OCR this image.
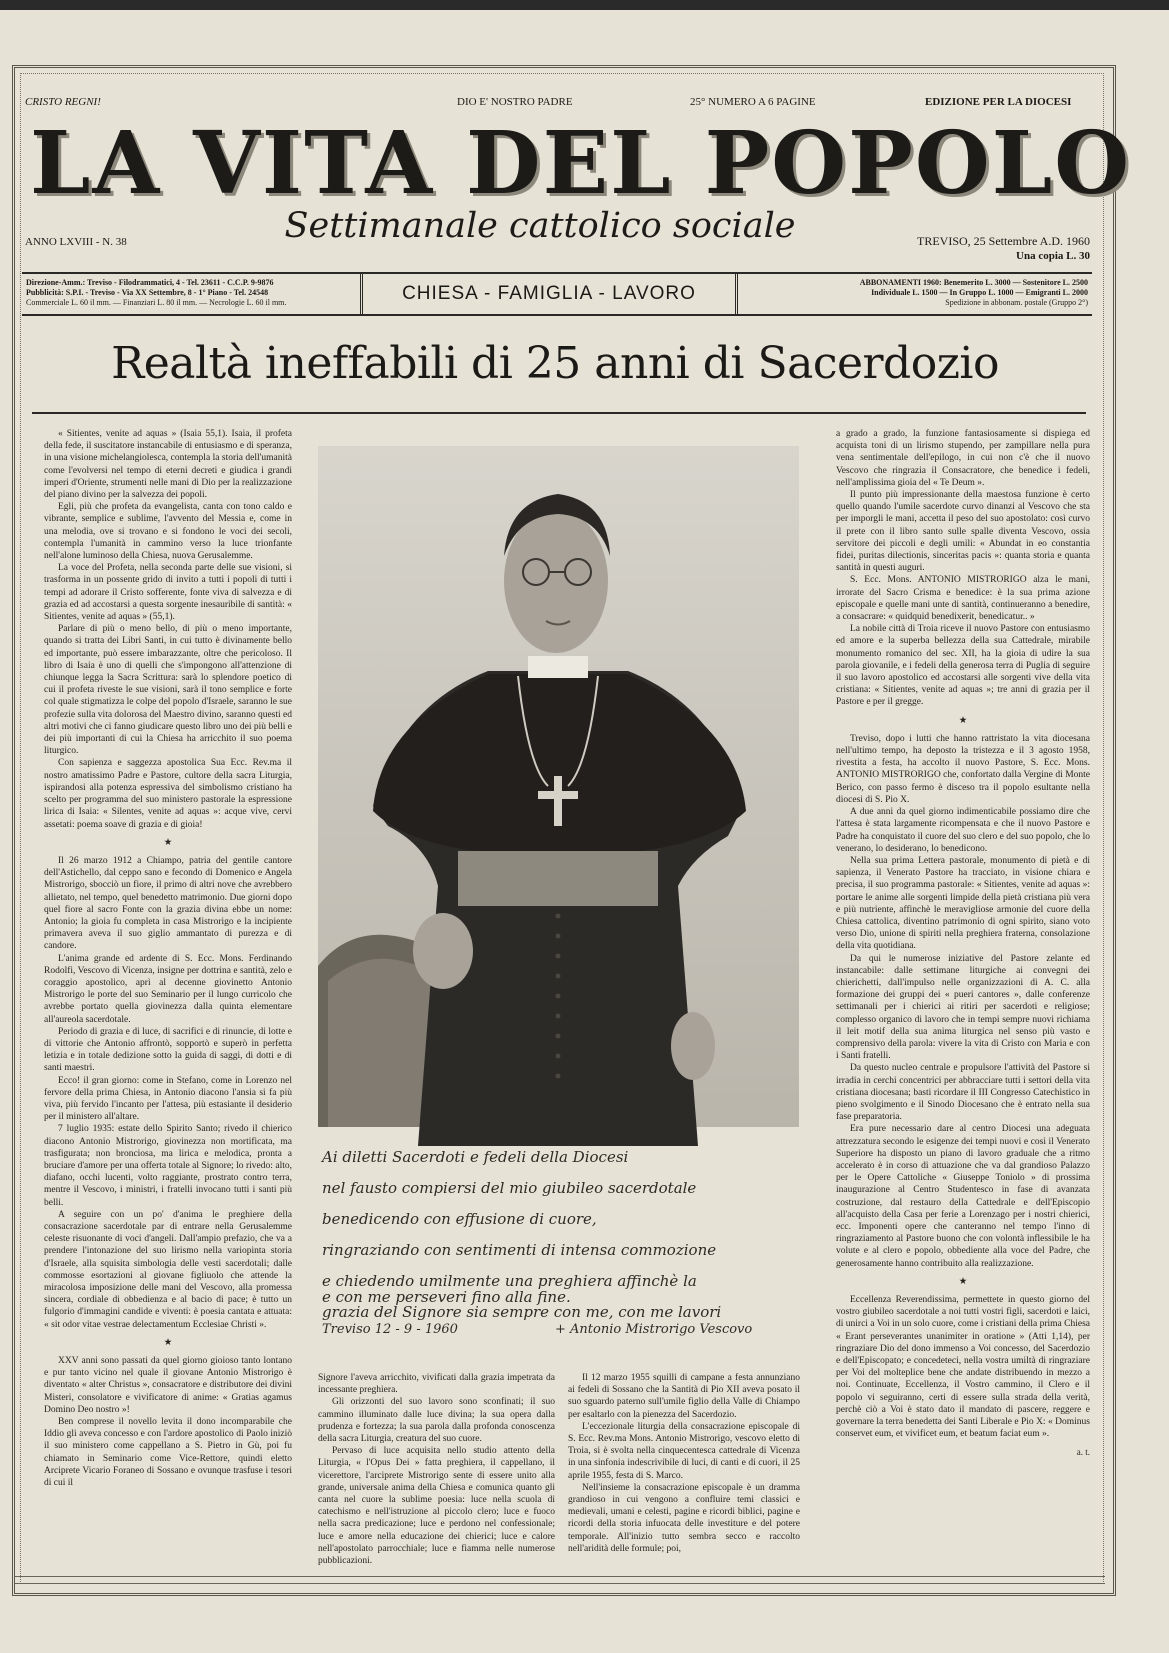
CRISTO REGNI!	DIO E' NOSTRO PADRE	25° NUMERO A 6 PAGINE	EDIZIONE PER LA DIOCESI
LA VITA DEL POPOLO
Settimanale cattolico sociale
ANNO LXVIII - N. 38	TREVISO, 25 Settembre A.D. 1960
Una copia L. 30
Direzione-Amm.: Treviso - Filodrammatici, 4 - Tel. 23611 - C.C.P. 9-9876
Pubblicità: S.P.I. - Treviso - Via XX Settembre, 8 - 1° Piano - Tel. 24548
Commerciale L. 60 il mm. — Finanziari L. 80 il mm. — Necrologie L. 60 il mm.	CHIESA - FAMIGLIA - LAVORO
ABBONAMENTI 1960: Benemerito L. 3000 — Sostenitore L. 2500
Individuale L. 1500 — In Gruppo L. 1000 — Emigranti L. 2000
Spedizione in abbonam. postale (Gruppo 2°)
Realtà ineffabili di 25 anni di Sacerdozio

« Sitientes, venite ad aquas » (Isaia 55,1). Isaia, il profeta della fede, il suscitatore instancabile di entusiasmo e di speranza, in una visione michelangiolesca, contempla la storia dell'umanità come l'evolversi nel tempo di eterni decreti e giudica i grandi imperi d'Oriente, strumenti nelle mani di Dio per la realizzazione del piano divino per la salvezza dei popoli.

Egli, più che profeta da evangelista, canta con tono caldo e vibrante, semplice e sublime, l'avvento del Messia e, come in una melodia, ove si trovano e si fondono le voci dei secoli, contempla l'umanità in cammino verso la luce trionfante nell'alone luminoso della Chiesa, nuova Gerusalemme.

La voce del Profeta, nella seconda parte delle sue visioni, si trasforma in un possente grido di invito a tutti i popoli di tutti i tempi ad adorare il Cristo sofferente, fonte viva di salvezza e di grazia ed ad accostarsi a questa sorgente inesauribile di santità: « Sitientes, venite ad aquas » (55,1).

Parlare di più o meno bello, di più o meno importante, quando si tratta dei Libri Santi, in cui tutto è divinamente bello ed importante, può essere imbarazzante, oltre che pericoloso. Il libro di Isaia è uno di quelli che s'impongono all'attenzione di chiunque legga la Sacra Scrittura: sarà lo splendore poetico di cui il profeta riveste le sue visioni, sarà il tono semplice e forte col quale stigmatizza le colpe del popolo d'Israele, saranno le sue profezie sulla vita dolorosa del Maestro divino, saranno questi ed altri motivi che ci fanno giudicare questo libro uno dei più belli e dei più importanti di cui la Chiesa ha arricchito il suo poema liturgico.

Con sapienza e saggezza apostolica Sua Ecc. Rev.ma il nostro amatissimo Padre e Pastore, cultore della sacra Liturgia, ispirandosi alla potenza espressiva del simbolismo cristiano ha scelto per programma del suo ministero pastorale la espressione lirica di Isaia: « Silentes, venite ad aquas »: acque vive, cervi assetati: poema soave di grazia e di gioia!

★

Il 26 marzo 1912 a Chiampo, patria del gentile cantore dell'Astichello, dal ceppo sano e fecondo di Domenico e Angela Mistrorigo, sbocciò un fiore, il primo di altri nove che avrebbero allietato, nel tempo, quel benedetto matrimonio. Due giorni dopo quel fiore al sacro Fonte con la grazia divina ebbe un nome: Antonio; la gioia fu completa in casa Mistrorigo e la incipiente primavera aveva il suo giglio ammantato di purezza e di candore.

L'anima grande ed ardente di S. Ecc. Mons. Ferdinando Rodolfi, Vescovo di Vicenza, insigne per dottrina e santità, zelo e coraggio apostolico, aprì al decenne giovinetto Antonio Mistrorigo le porte del suo Seminario per il lungo curricolo che avrebbe portato quella giovinezza dalla quinta elementare all'aureola sacerdotale.

Periodo di grazia e di luce, di sacrifici e di rinuncie, di lotte e di vittorie che Antonio affrontò, sopportò e superò in perfetta letizia e in totale dedizione sotto la guida di saggi, di dotti e di santi maestri.

Ecco! il gran giorno: come in Stefano, come in Lorenzo nel fervore della prima Chiesa, in Antonio diacono l'ansia si fa più viva, più fervido l'incanto per l'attesa, più estasiante il desiderio per il ministero all'altare.

7 luglio 1935: estate dello Spirito Santo; rivedo il chierico diacono Antonio Mistrorigo, giovinezza non mortificata, ma trasfigurata; non bronciosa, ma lirica e melodica, pronta a bruciare d'amore per una offerta totale al Signore; lo rivedo: alto, diafano, occhi lucenti, volto raggiante, prostrato contro terra, mentre il Vescovo, i ministri, i fratelli invocano tutti i santi più belli.

A seguire con un po' d'anima le preghiere della consacrazione sacerdotale par di entrare nella Gerusalemme celeste risuonante di voci d'angeli. Dall'ampio prefazio, che va a prendere l'intonazione del suo lirismo nella variopinta storia d'Israele, alla squisita simbologia delle vesti sacerdotali; dalle commosse esortazioni al giovane figliuolo che attende la miracolosa imposizione delle mani del Vescovo, alla promessa sincera, cordiale di obbedienza e al bacio di pace; è tutto un fulgorio d'immagini candide e viventi: è poesia cantata e attuata: « sit odor vitae vestrae delectamentum Ecclesiae Christi ».

★

XXV anni sono passati da quel giorno gioioso tanto lontano e pur tanto vicino nel quale il giovane Antonio Mistrorigo è diventato « alter Christus », consacratore e distributore dei divini Misteri, consolatore e vivificatore di anime: « Gratias agamus Domino Deo nostro »!

Ben comprese il novello levita il dono incomparabile che Iddio gli aveva concesso e con l'ardore apostolico di Paolo iniziò il suo ministero come cappellano a S. Pietro in Gù, poi fu chiamato in Seminario come Vice-Rettore, quindi eletto Arciprete Vicario Foraneo di Sossano e ovunque trasfuse i tesori di cui il

Ai diletti Sacerdoti e fedeli della Diocesi
nel fausto compiersi del mio giubileo sacerdotale
benedicendo con effusione di cuore,
ringraziando con sentimenti di intensa commozione
e chiedendo umilmente una preghiera affinchè la
grazia del Signore sia sempre con me, con me lavori
Treviso 12 - 9 - 1960	+ Antonio Mistrorigo Vescovo
e con me perseveri fino alla fine.

Signore l'aveva arricchito, vivificati dalla grazia impetrata da incessante preghiera.

Gli orizzonti del suo lavoro sono sconfinati; il suo cammino illuminato dalle luce divina; la sua opera dalla prudenza e fortezza; la sua parola dalla profonda conoscenza della sacra Liturgia, creatura del suo cuore.

Pervaso di luce acquisita nello studio attento della Liturgia, « l'Opus Dei » fatta preghiera, il cappellano, il vicerettore, l'arciprete Mistrorigo sente di essere unito alla grande, universale anima della Chiesa e comunica quanto gli canta nel cuore la sublime poesia: luce nella scuola di catechismo e nell'istruzione al piccolo clero; luce e fuoco nella sacra predicazione; luce e perdono nel confessionale; luce e amore nella educazione dei chierici; luce e calore nell'apostolato parrocchiale; luce e fiamma nelle numerose pubblicazioni.

Il 12 marzo 1955 squilli di campane a festa annunziano ai fedeli di Sossano che la Santità di Pio XII aveva posato il suo sguardo paterno sull'umile figlio della Valle di Chiampo per esaltarlo con la pienezza del Sacerdozio.

L'eccezionale liturgia della consacrazione episcopale di S. Ecc. Rev.ma Mons. Antonio Mistrorigo, vescovo eletto di Troia, si è svolta nella cinquecentesca cattedrale di Vicenza in una sinfonia indescrivibile di luci, di canti e di cuori, il 25 aprile 1955, festa di S. Marco.

Nell'insieme la consacrazione episcopale è un dramma grandioso in cui vengono a confluire temi classici e medievali, umani e celesti, pagine e ricordi biblici, pagine e ricordi della storia infuocata delle investiture e del potere temporale. All'inizio tutto sembra secco e raccolto nell'aridità delle formule; poi,

a grado a grado, la funzione fantasiosamente si dispiega ed acquista toni di un lirismo stupendo, per zampillare nella pura vena sentimentale dell'epilogo, in cui non c'è che il nuovo Vescovo che ringrazia il Consacratore, che benedice i fedeli, nell'amplissima gioia del « Te Deum ».

Il punto più impressionante della maestosa funzione è certo quello quando l'umile sacerdote curvo dinanzi al Vescovo che sta per imporgli le mani, accetta il peso del suo apostolato: così curvo il prete con il libro santo sulle spalle diventa Vescovo, ossia servitore dei piccoli e degli umili: « Abundat in eo constantia fidei, puritas dilectionis, sinceritas pacis »: quanta storia e quanta santità in questi auguri.

S. Ecc. Mons. ANTONIO MISTRORIGO alza le mani, irrorate del Sacro Crisma e benedice: è la sua prima azione episcopale e quelle mani unte di santità, continueranno a benedire, a consacrare: « quidquid benedixerit, benedicatur.. »

La nobile città di Troia riceve il nuovo Pastore con entusiasmo ed amore e la superba bellezza della sua Cattedrale, mirabile monumento romanico del sec. XII, ha la gioia di udire la sua parola giovanile, e i fedeli della generosa terra di Puglia di seguire il suo lavoro apostolico ed accostarsi alle sorgenti vive della vita cristiana: « Sitientes, venite ad aquas »; tre anni di grazia per il Pastore e per il gregge.

★

Treviso, dopo i lutti che hanno rattristato la vita diocesana nell'ultimo tempo, ha deposto la tristezza e il 3 agosto 1958, rivestita a festa, ha accolto il nuovo Pastore, S. Ecc. Mons. ANTONIO MISTRORIGO che, confortato dalla Vergine di Monte Berico, con passo fermo è disceso tra il popolo esultante nella diocesi di S. Pio X.

A due anni da quel giorno indimenticabile possiamo dire che l'attesa è stata largamente ricompensata e che il nuovo Pastore e Padre ha conquistato il cuore del suo clero e del suo popolo, che lo venerano, lo desiderano, lo benedicono.

Nella sua prima Lettera pastorale, monumento di pietà e di sapienza, il Venerato Pastore ha tracciato, in visione chiara e precisa, il suo programma pastorale: « Sitientes, venite ad aquas »: portare le anime alle sorgenti limpide della pietà cristiana più vera e più nutriente, affinchè le meravigliose armonie del cuore della Chiesa cattolica, diventino patrimonio di ogni spirito, siano voto verso Dio, unione di spiriti nella preghiera fraterna, consolazione della vita quotidiana.

Da qui le numerose iniziative del Pastore zelante ed instancabile: dalle settimane liturgiche ai convegni dei chierichetti, dall'impulso nelle organizzazioni di A. C. alla formazione dei gruppi dei « pueri cantores », dalle conferenze settimanali per i chierici ai ritiri per sacerdoti e religiose; complesso organico di lavoro che in tempi sempre nuovi richiama il leit motif della sua anima liturgica nel senso più vasto e comprensivo della parola: vivere la vita di Cristo con Maria e con i Santi fratelli.

Da questo nucleo centrale e propulsore l'attività del Pastore si irradia in cerchi concentrici per abbracciare tutti i settori della vita cristiana diocesana; basti ricordare il III Congresso Catechistico in pieno svolgimento e il Sinodo Diocesano che è entrato nella sua fase preparatoria.

Era pure necessario dare al centro Diocesi una adeguata attrezzatura secondo le esigenze dei tempi nuovi e così il Venerato Superiore ha disposto un piano di lavoro graduale che a ritmo accelerato è in corso di attuazione che va dal grandioso Palazzo per le Opere Cattoliche « Giuseppe Toniolo » di prossima inaugurazione al Centro Studentesco in fase di avanzata costruzione, dal restauro della Cattedrale e dell'Episcopio all'acquisto della Casa per ferie a Lorenzago per i nostri chierici, ecc. Imponenti opere che canteranno nel tempo l'inno di ringraziamento al Pastore buono che con volontà inflessibile le ha volute e al clero e popolo, obbediente alla voce del Padre, che generosamente hanno contribuito alla realizzazione.

★

Eccellenza Reverendissima, permettete in questo giorno del vostro giubileo sacerdotale a noi tutti vostri figli, sacerdoti e laici, di unirci a Voi in un solo cuore, come i cristiani della prima Chiesa « Erant perseverantes unanimiter in oratione » (Atti 1,14), per ringraziare Dio del dono immenso a Voi concesso, del Sacerdozio e dell'Episcopato; e concedeteci, nella vostra umiltà di ringraziare per Voi del molteplice bene che andate distribuendo in mezzo a noi. Continuate, Eccellenza, il Vostro cammino, il Clero e il popolo vi seguiranno, certi di essere sulla strada della verità, perchè ciò a Voi è stato dato il mandato di pascere, reggere e governare la terra benedetta dei Santi Liberale e Pio X: « Dominus conservet eum, et vivificet eum, et beatum faciat eum ».

a. t.
